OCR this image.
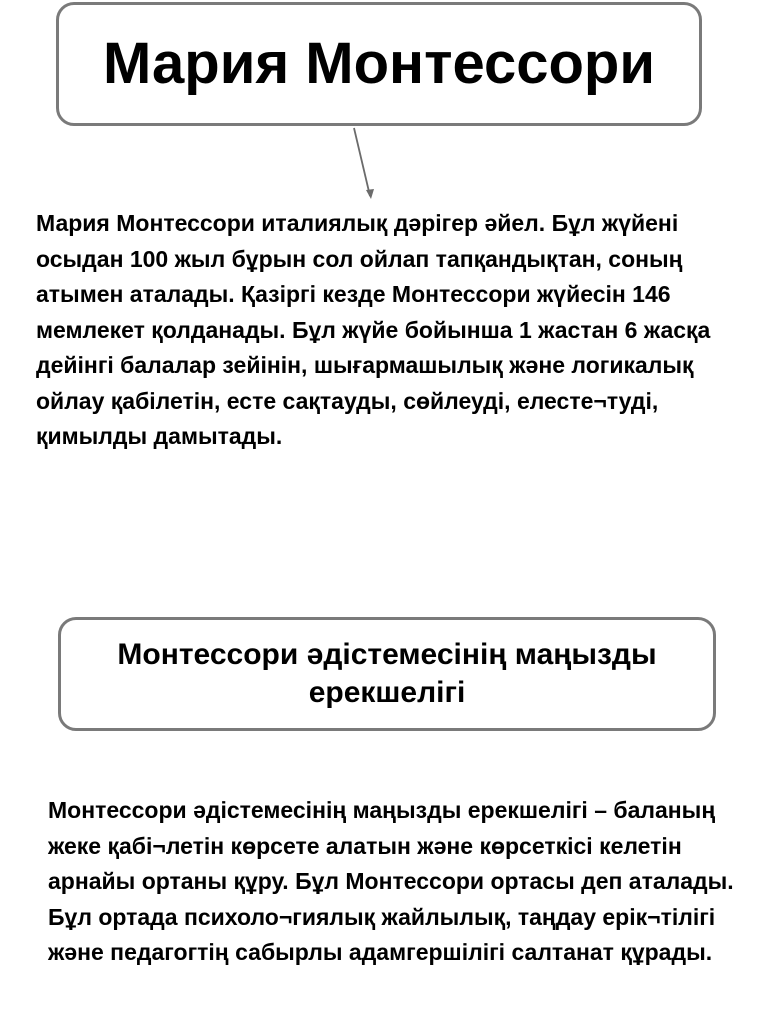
Мария Монтессори

Мария Монтессори италиялық дәрігер әйел. Бұл жүйені осыдан 100 жыл бұрын сол ойлап тапқандықтан, соның атымен аталады. Қазіргі кезде Монтессори жүйесін 146 мемлекет қолданады. Бұл жүйе бойынша 1 жастан 6 жасқа дейінгі балалар зейінін, шығармашылық және логикалық ойлау қабілетін, есте сақтауды, сөйлеуді, елесте¬туді, қимылды дамытады.

Монтессори әдістемесінің маңызды ерекшелігі

Монтессори әдістемесінің маңызды ерекшелігі – баланың жеке қабі¬летін көрсете алатын және көрсеткісі келетін арнайы ортаны құру. Бұл Монтессори ортасы деп аталады. Бұл ортада психоло¬гиялық жайлылық, таңдау ерік¬тілігі және педагогтің сабырлы адамгершілігі салтанат құрады.
